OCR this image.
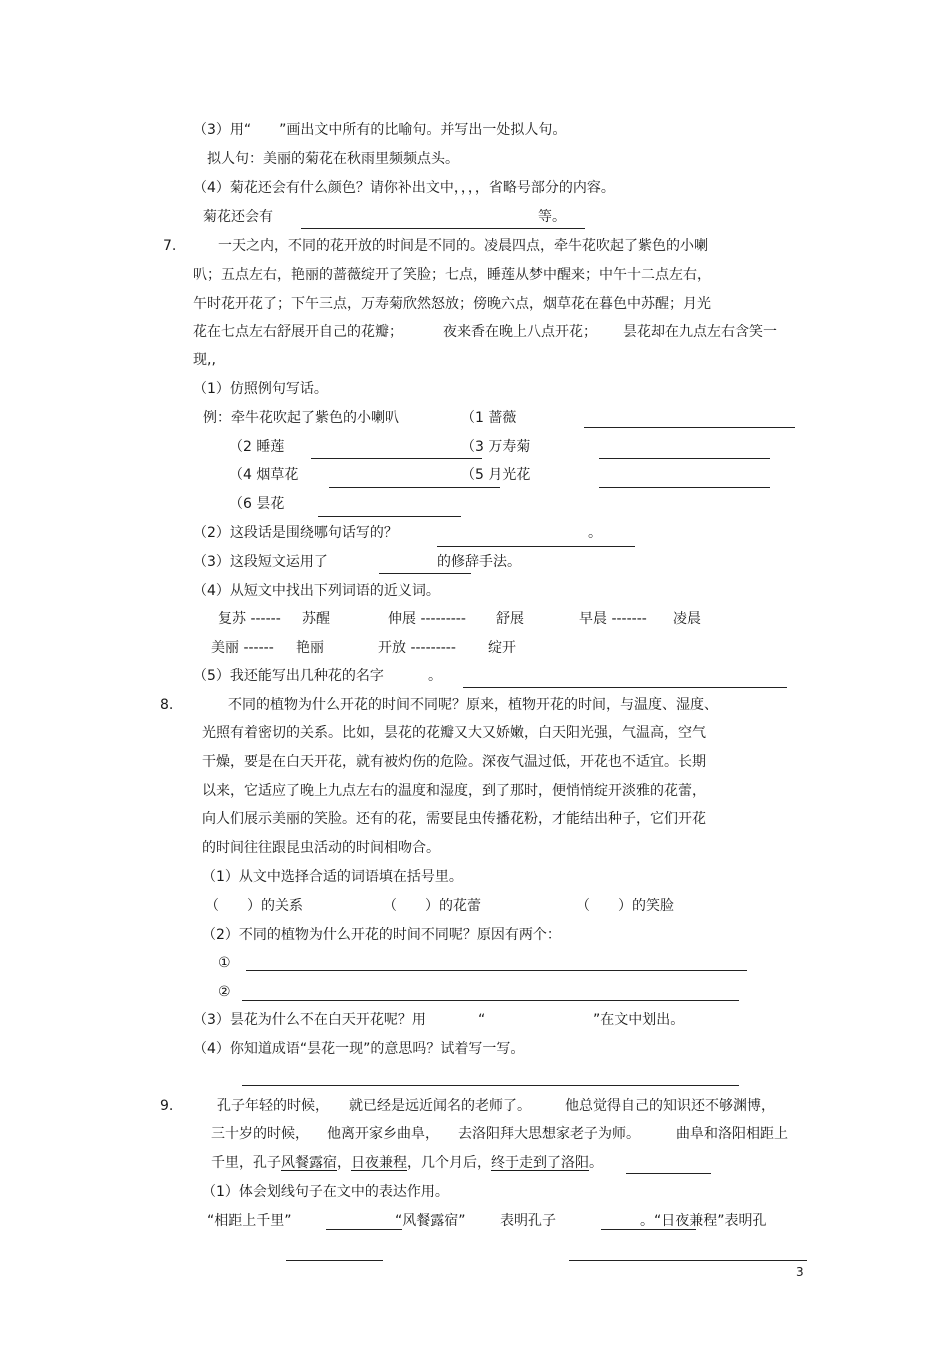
（3）用“　　”画出文中所有的比喻句。并写出一处拟人句。
拟人句：美丽的菊花在秋雨里频频点头。
（4）菊花还会有什么颜色？请你补出文中，，，，省略号部分的内容。
菊花还会有	等。
7.	一天之内，不同的花开放的时间是不同的。凌晨四点，牵牛花吹起了紫色的小喇
叭；五点左右，艳丽的蔷薇绽开了笑脸；七点，睡莲从梦中醒来；中午十二点左右，
午时花开花了；下午三点，万寿菊欣然怒放；傍晚六点，烟草花在暮色中苏醒；月光
花在七点左右舒展开自己的花瓣；	夜来香在晚上八点开花； 昙花却在九点左右含笑一
现,,
（1）仿照例句写话。
例：牵牛花吹起了紫色的小喇叭	（1 蔷薇
（2 睡莲	（3 万寿菊
（4 烟草花	（5 月光花
（6 昙花
（2）这段话是围绕哪句话写的？	。
（3）这段短文运用了	的修辞手法。
（4）从短文中找出下列词语的近义词。
复苏 ------ 苏醒	伸展 --------- 舒展	早晨 ------- 凌晨
美丽 ------ 艳丽	开放 --------- 绽开
（5）我还能写出几种花的名字	。
8.	不同的植物为什么开花的时间不同呢？原来，植物开花的时间，与温度、湿度、
光照有着密切的关系。比如，昙花的花瓣又大又娇嫩，白天阳光强，气温高，空气
干燥，要是在白天开花，就有被灼伤的危险。深夜气温过低，开花也不适宜。长期
以来，它适应了晚上九点左右的温度和湿度，到了那时，便悄悄绽开淡雅的花蕾，
向人们展示美丽的笑脸。还有的花，需要昆虫传播花粉，才能结出种子，它们开花
的时间往往跟昆虫活动的时间相吻合。
（1）从文中选择合适的词语填在括号里。
（　　）的关系	（　　）的花蕾	（　　）的笑脸
（2）不同的植物为什么开花的时间不同呢？原因有两个：
①
②
（3）昙花为什么不在白天开花呢？用	“	”在文中划出。
（4）你知道成语“昙花一现”的意思吗？试着写一写。
9.	孔子年轻的时候， 就已经是远近闻名的老师了。 他总觉得自己的知识还不够渊博，
三十岁的时候， 他离开家乡曲阜， 去洛阳拜大思想家老子为师。	曲阜和洛阳相距上
千里，孔子风餐露宿，日夜兼程，几个月后，终于走到了洛阳。
（1）体会划线句子在文中的表达作用。
“相距上千里”	“风餐露宿” 表明孔子	。“日夜兼程”表明孔
3
